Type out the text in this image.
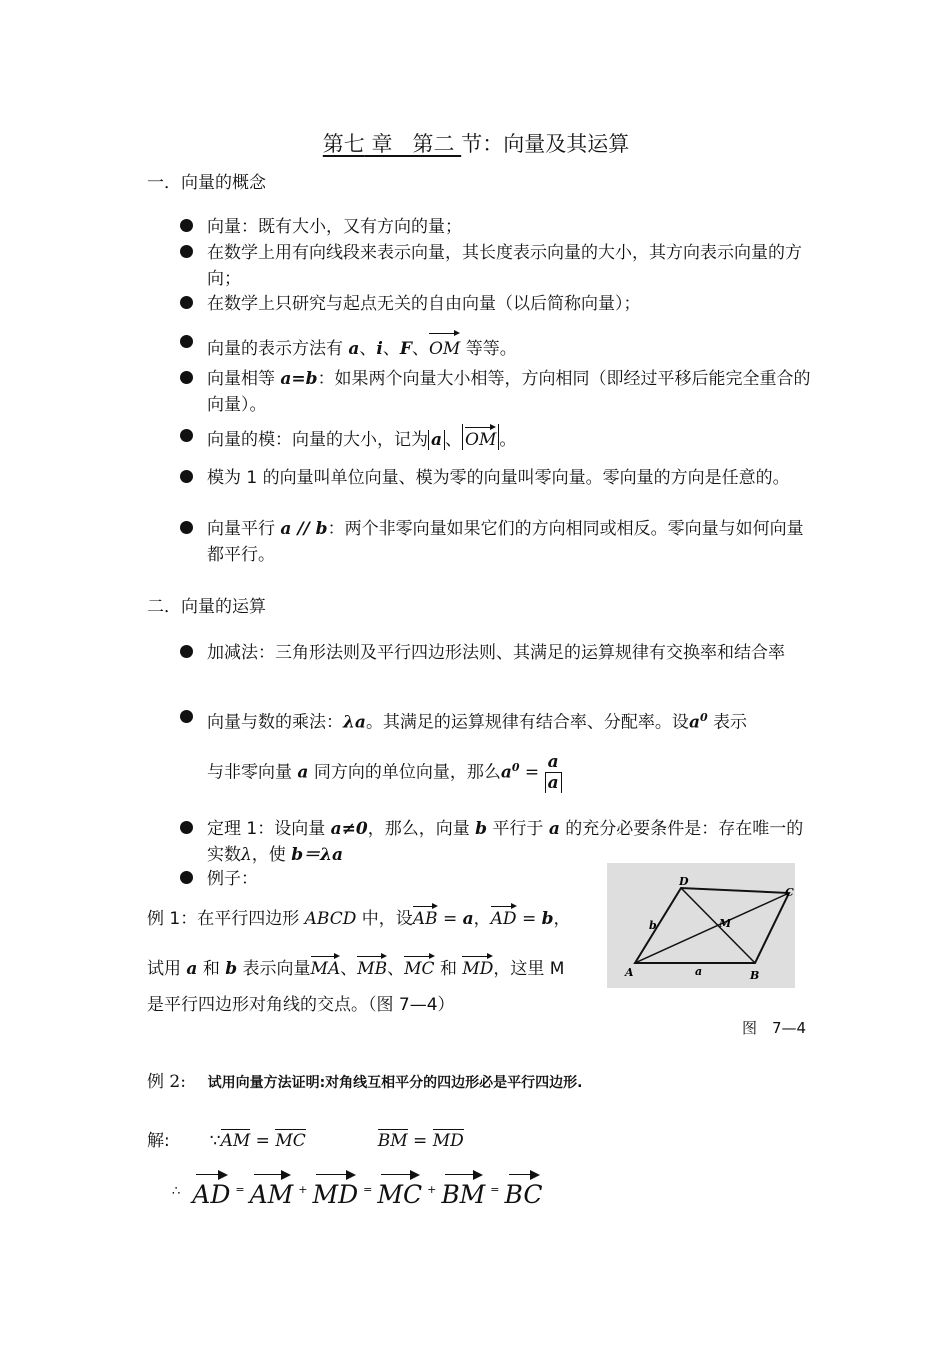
第七 章 第二 节：向量及其运算
一．向量的概念
向量：既有大小，又有方向的量；
在数学上用有向线段来表示向量，其长度表示向量的大小，其方向表示向量的方向；
在数学上只研究与起点无关的自由向量（以后简称向量）；
向量的表示方法有 a、i、F、OM 等等。
向量相等 a=b：如果两个向量大小相等，方向相同（即经过平移后能完全重合的向量）。
向量的模：向量的大小，记为 a 、 OM 。
模为 1 的向量叫单位向量、模为零的向量叫零向量。零向量的方向是任意的。
向量平行 a // b：两个非零向量如果它们的方向相同或相反。零向量与如何向量都平行。
二．向量的运算
加减法：三角形法则及平行四边形法则、其满足的运算规律有交换率和结合率
向量与数的乘法：λa。其满足的运算规律有结合率、分配率。设$a^0$ 表示
与非零向量 a 同方向的单位向量，那么$a^0 = \frac{a}{a}$
定理 1：设向量 a≠0，那么，向量 b 平行于 a 的充分必要条件是：存在唯一的实数λ，使 b＝λa
例子：
例 1：在平行四边形 ABCD 中，设AB = a，AD = b，
试用 a 和 b 表示向量MA、MB、MC 和 MD，这里 M
是平行四边形对角线的交点。（图 7—4）
A	B
C
D
M
a
b
图　7—4
例 2: 试用向量方法证明:对角线互相平分的四边形必是平行四边形.
解: ∵AM = MC	BM = MD
∴ AD = AM + MD = MC + BM = BC
